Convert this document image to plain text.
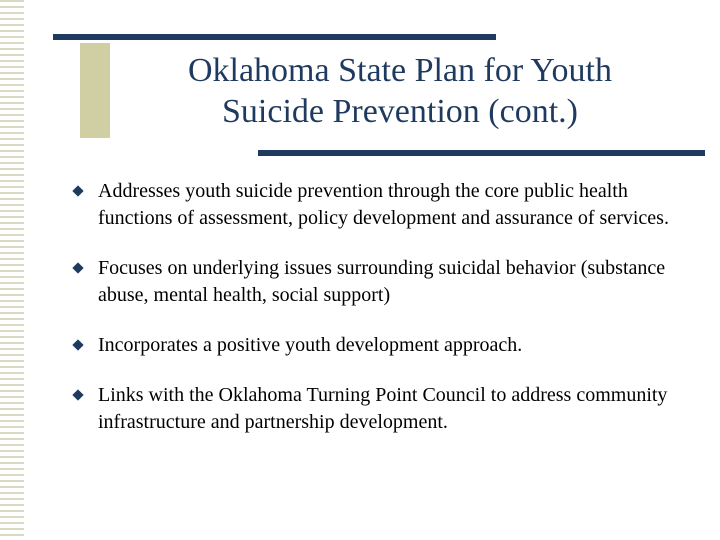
Oklahoma State Plan for Youth
Suicide Prevention (cont.)
Addresses youth suicide prevention through the core public health functions of assessment, policy development and assurance of services.
Focuses on underlying issues surrounding suicidal behavior (substance abuse, mental health, social support)
Incorporates a positive youth development approach.
Links with the Oklahoma Turning Point Council to address community infrastructure and partnership development.
